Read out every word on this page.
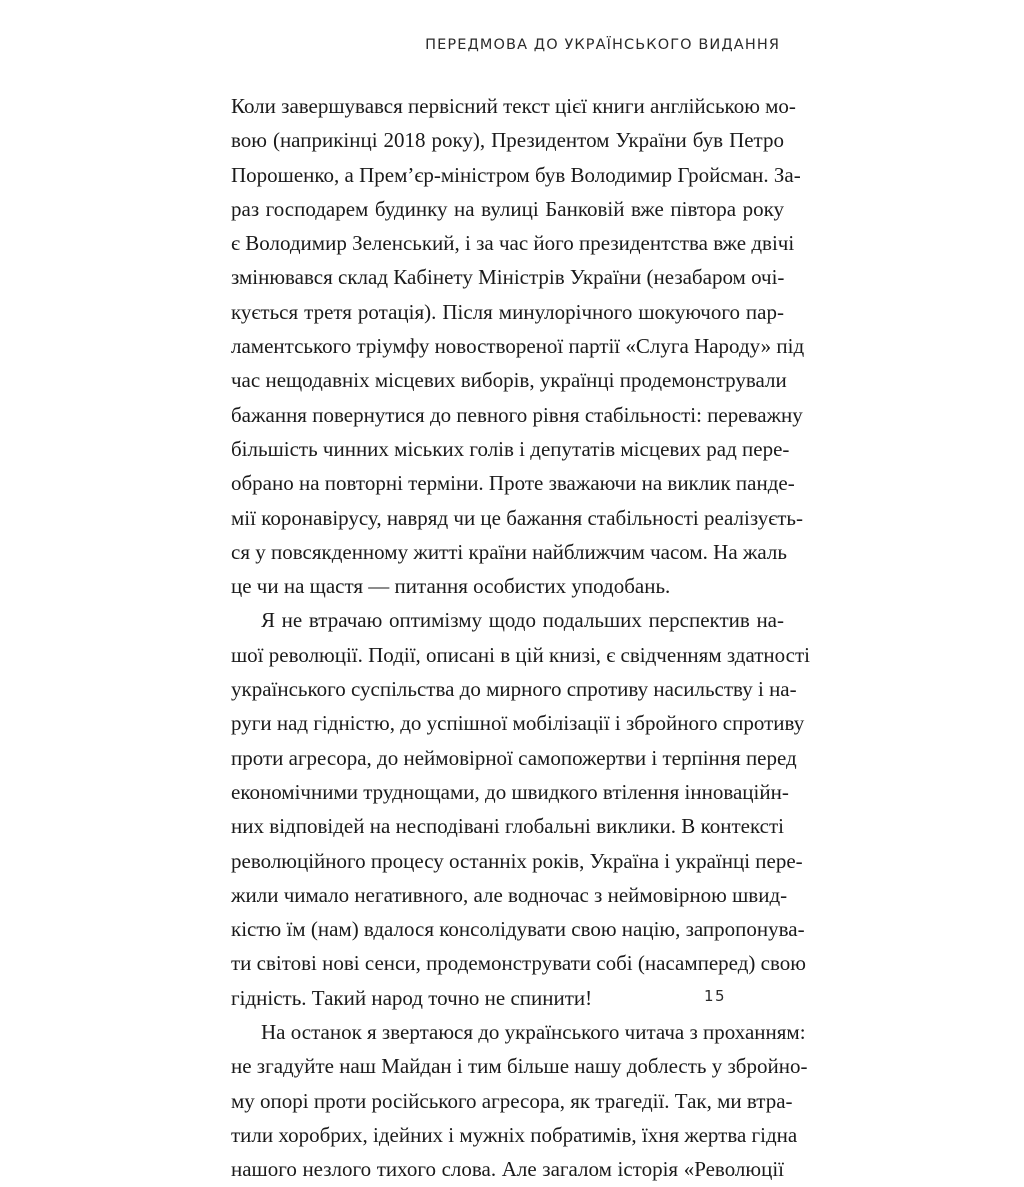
ПЕРЕДМОВА ДО УКРАЇНСЬКОГО ВИДАННЯ
Коли завершувався первісний текст цієї книги англійською мо-
вою (наприкінці 2018 року), Президентом України був Петро
Порошенко, а Прем’єр-міністром був Володимир Гройсман. За-
раз господарем будинку на вулиці Банковій вже півтора року
є Володимир Зеленський, і за час його президентства вже двічі
змінювався склад Кабінету Міністрів України (незабаром очі-
кується третя ротація). Після минулорічного шокуючого пар-
ламентського тріумфу новоствореної партії «Слуга Народу» під
час нещодавніх місцевих виборів, українці продемонстрували
бажання повернутися до певного рівня стабільності: переважну
більшість чинних міських голів і депутатів місцевих рад пере-
обрано на повторні терміни. Проте зважаючи на виклик панде-
мії коронавірусу, навряд чи це бажання стабільності реалізуєть-
ся у повсякденному житті країни найближчим часом. На жаль
це чи на щастя — питання особистих уподобань.
Я не втрачаю оптимізму щодо подальших перспектив на-
шої революції. Події, описані в цій книзі, є свідченням здатності
українського суспільства до мирного спротиву насильству і на-
руги над гідністю, до успішної мобілізації і збройного спротиву
проти агресора, до неймовірної самопожертви і терпіння перед
економічними труднощами, до швидкого втілення інноваційн-
них відповідей на несподівані глобальні виклики. В контексті
революційного процесу останніх років, Україна і українці пере-
жили чимало негативного, але водночас з неймовірною швид-
кістю їм (нам) вдалося консолідувати свою націю, запропонува-
ти світові нові сенси, продемонструвати собі (насамперед) свою
гідність. Такий народ точно не спинити!
На останок я звертаюся до українського читача з проханням:
не згадуйте наш Майдан і тим більше нашу доблесть у збройно-
му опорі проти російського агресора, як трагедії. Так, ми втра-
тили хоробрих, ідейних і мужніх побратимів, їхня жертва гідна
нашого незлого тихого слова. Але загалом історія «Революції
15
